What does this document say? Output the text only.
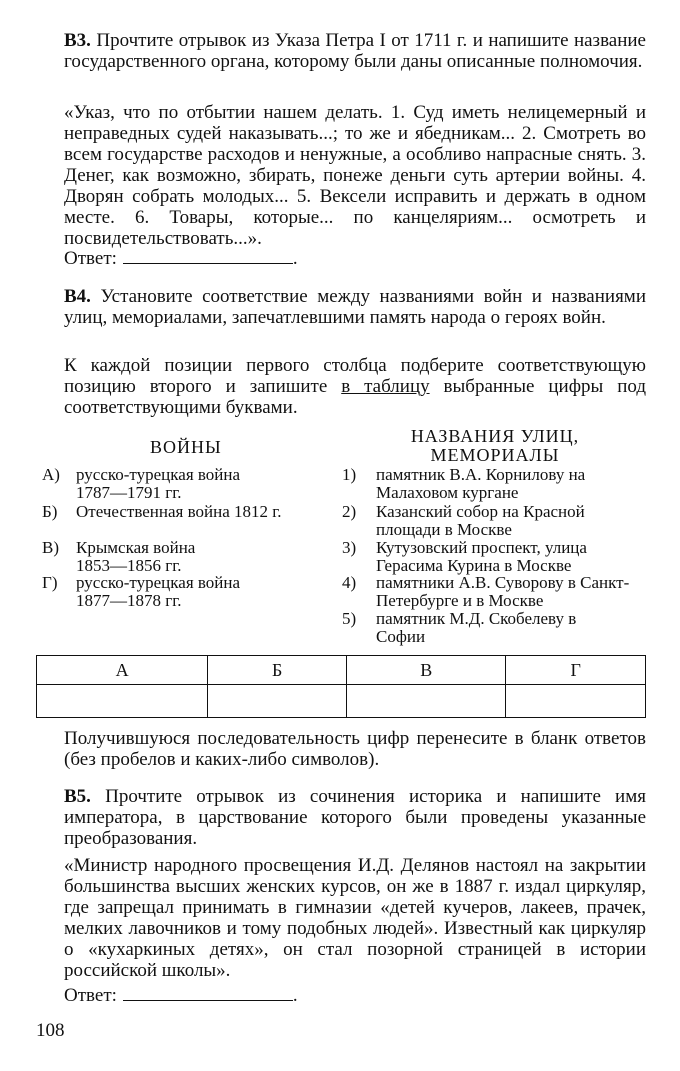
В3. Прочтите отрывок из Указа Петра I от 1711 г. и напишите название государственного органа, которому были даны описанные полномочия.

«Указ, что по отбытии нашем делать. 1. Суд иметь нелицемерный и неправедных судей наказывать...; то же и ябедникам... 2. Смотреть во всем государстве расходов и ненужные, а особливо напрасные снять. 3. Денег, как возможно, збирать, понеже деньги суть артерии войны. 4. Дворян собрать молодых... 5. Вексели исправить и держать в одном месте. 6. Товары, которые... по канцеляриям... осмотреть и посвидетельствовать...».

Ответ:	.

В4. Установите соответствие между названиями войн и названиями улиц, мемориалами, запечатлевшими память народа о героях войн.

К каждой позиции первого столбца подберите соответствующую позицию второго и запишите в таблицу выбранные цифры под соответствующими буквами.

ВОЙНЫ
НАЗВАНИЯ УЛИЦ, МЕМОРИАЛЫ
А) русско-турецкая война 1787—1791 гг.
Б) Отечественная война 1812 г.
В) Крымская война 1853—1856 гг.
Г) русско-турецкая война 1877—1878 гг.
1) памятник В.А. Корнилову на Малаховом кургане
2) Казанский собор на Красной площади в Москве
3) Кутузовский проспект, улица Герасима Курина в Москве
4) памятники А.В. Суворову в Санкт-Петербурге и в Москве
5) памятник М.Д. Скобелеву в Софии
А	Б	В	Г

Получившуюся последовательность цифр перенесите в бланк ответов (без пробелов и каких-либо символов).

В5. Прочтите отрывок из сочинения историка и напишите имя императора, в царствование которого были проведены указанные преобразования.

«Министр народного просвещения И.Д. Делянов настоял на закрытии большинства высших женских курсов, он же в 1887 г. издал циркуляр, где запрещал принимать в гимназии «детей кучеров, лакеев, прачек, мелких лавочников и тому подобных людей». Известный как циркуляр о «кухаркиных детях», он стал позорной страницей в истории российской школы».

Ответ:	.

108
